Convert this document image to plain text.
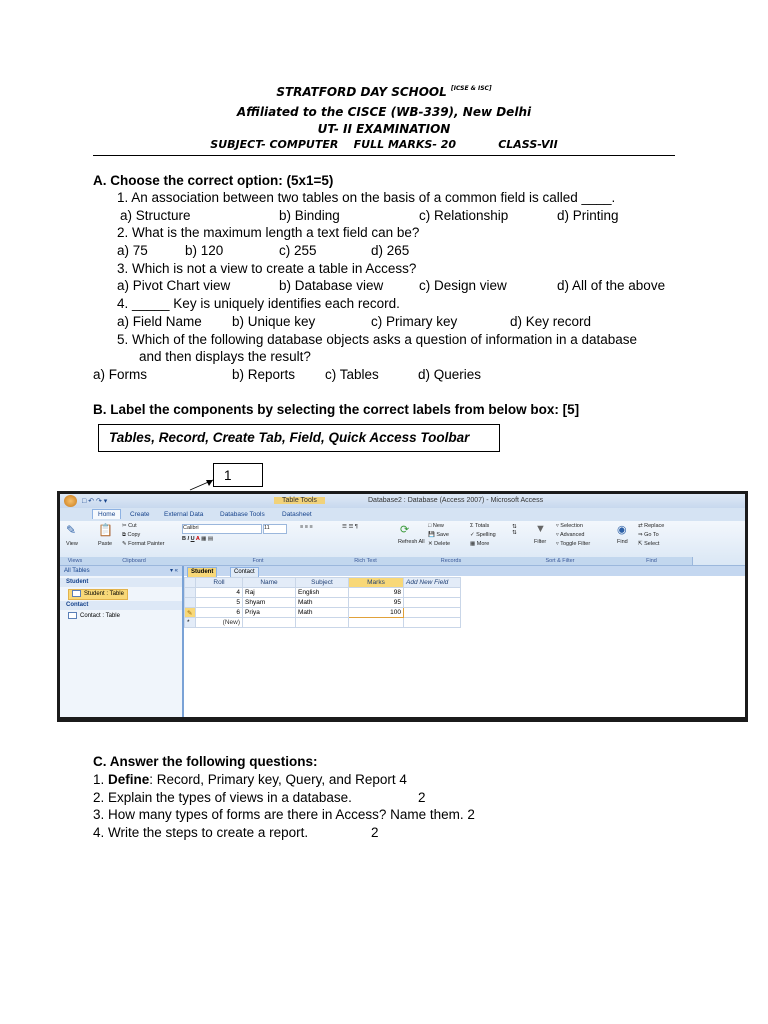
STRATFORD DAY SCHOOL [ICSE & ISC]
Affiliated to the CISCE (WB-339), New Delhi
UT- II EXAMINATION
SUBJECT- COMPUTER FULL MARKS- 20	CLASS-VII
A. Choose the correct option: (5x1=5)
1. An association between two tables on the basis of a common field is called ____.
a) Structure	b) Binding	c) Relationship	d) Printing
2. What is the maximum length a text field can be?
a) 75	b) 120	c) 255	d) 265
3. Which is not a view to create a table in Access?
a) Pivot Chart view	b) Database view	c) Design view	d) All of the above
4. _____ Key is uniquely identifies each record.
a) Field Name b) Unique key	c) Primary key	d) Key record
5. Which of the following database objects asks a question of information in a database
and then displays the result?
a) Forms	b) Reports c) Tables	d) Queries
B. Label the components by selecting the correct labels from below box: [5]
Tables, Record, Create Tab, Field, Quick Access Toolbar
1
□ ↶ ↷ ▾	Table Tools	Database2 : Database (Access 2007) - Microsoft Access
Home	Create External Data	Database Tools	Datasheet
✎
View
📋
Paste
✂ Cut
⧉ Copy
✎ Format Painter
Calibri	11
B I U A ▦ ▤
≡ ≡ ≡	☰ ☰ ¶	⟳
Refresh All
□ New
💾 Save
✕ Delete
Σ Totals
✓ Spelling
▦ More
⇅
⇅ ▼
Filter
▿ Selection
▿ Advanced
▿ Toggle Filter
◉
Find
⇄ Replace
⇒ Go To
⇱ Select
Views	Clipboard	Font	Rich Text	Records	Sort & Filter	Find
All Tables	▾ «
Student
Student : Table
Contact
Contact : Table
Student	Contact
	Roll	Name	Subject	Marks	Add New Field
	4	Raj	English	98	
	5	Shyam	Math	95	
✎	6	Priya	Math	100	
*	(New)				
C. Answer the following questions:
1. Define: Record, Primary key, Query, and Report 4
2. Explain the types of views in a database.	2
3. How many types of forms are there in Access? Name them. 2
4. Write the steps to create a report.	2
